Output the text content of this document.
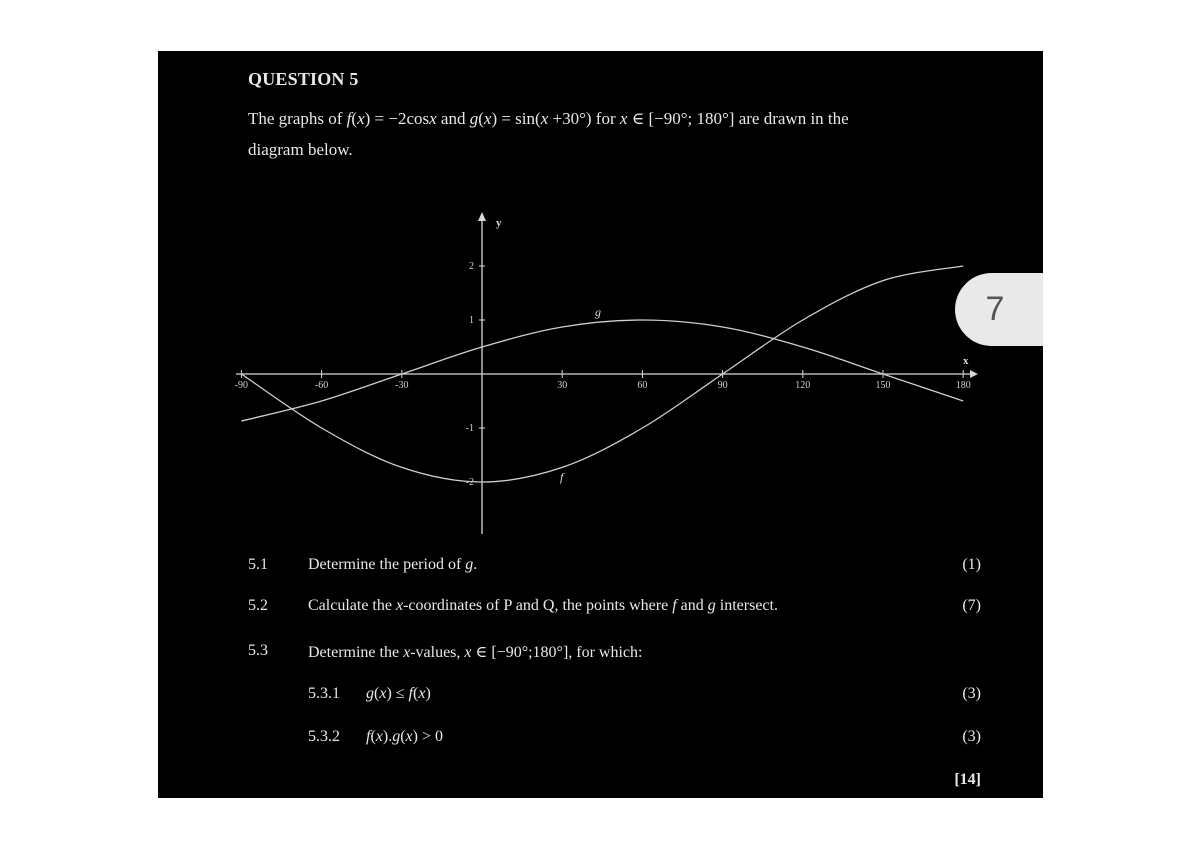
QUESTION 5
The graphs of f(x) = −2cosx and g(x) = sin(x +30°) for x ∈ [−90°; 180°] are drawn in the
diagram below.
x
y
-90	-60	-30	30	60	90	120	150	180
2
1
-1
-2
g
f
5.1	Determine the period of g.	(1)
5.2	Calculate the x-coordinates of P and Q, the points where f and g intersect.	(7)
5.3	Determine the x-values, x ∈ [−90°;180°], for which:
5.3.1 g(x) ≤ f(x)	(3)
5.3.2 f(x).g(x) > 0	(3)
[14]
7
